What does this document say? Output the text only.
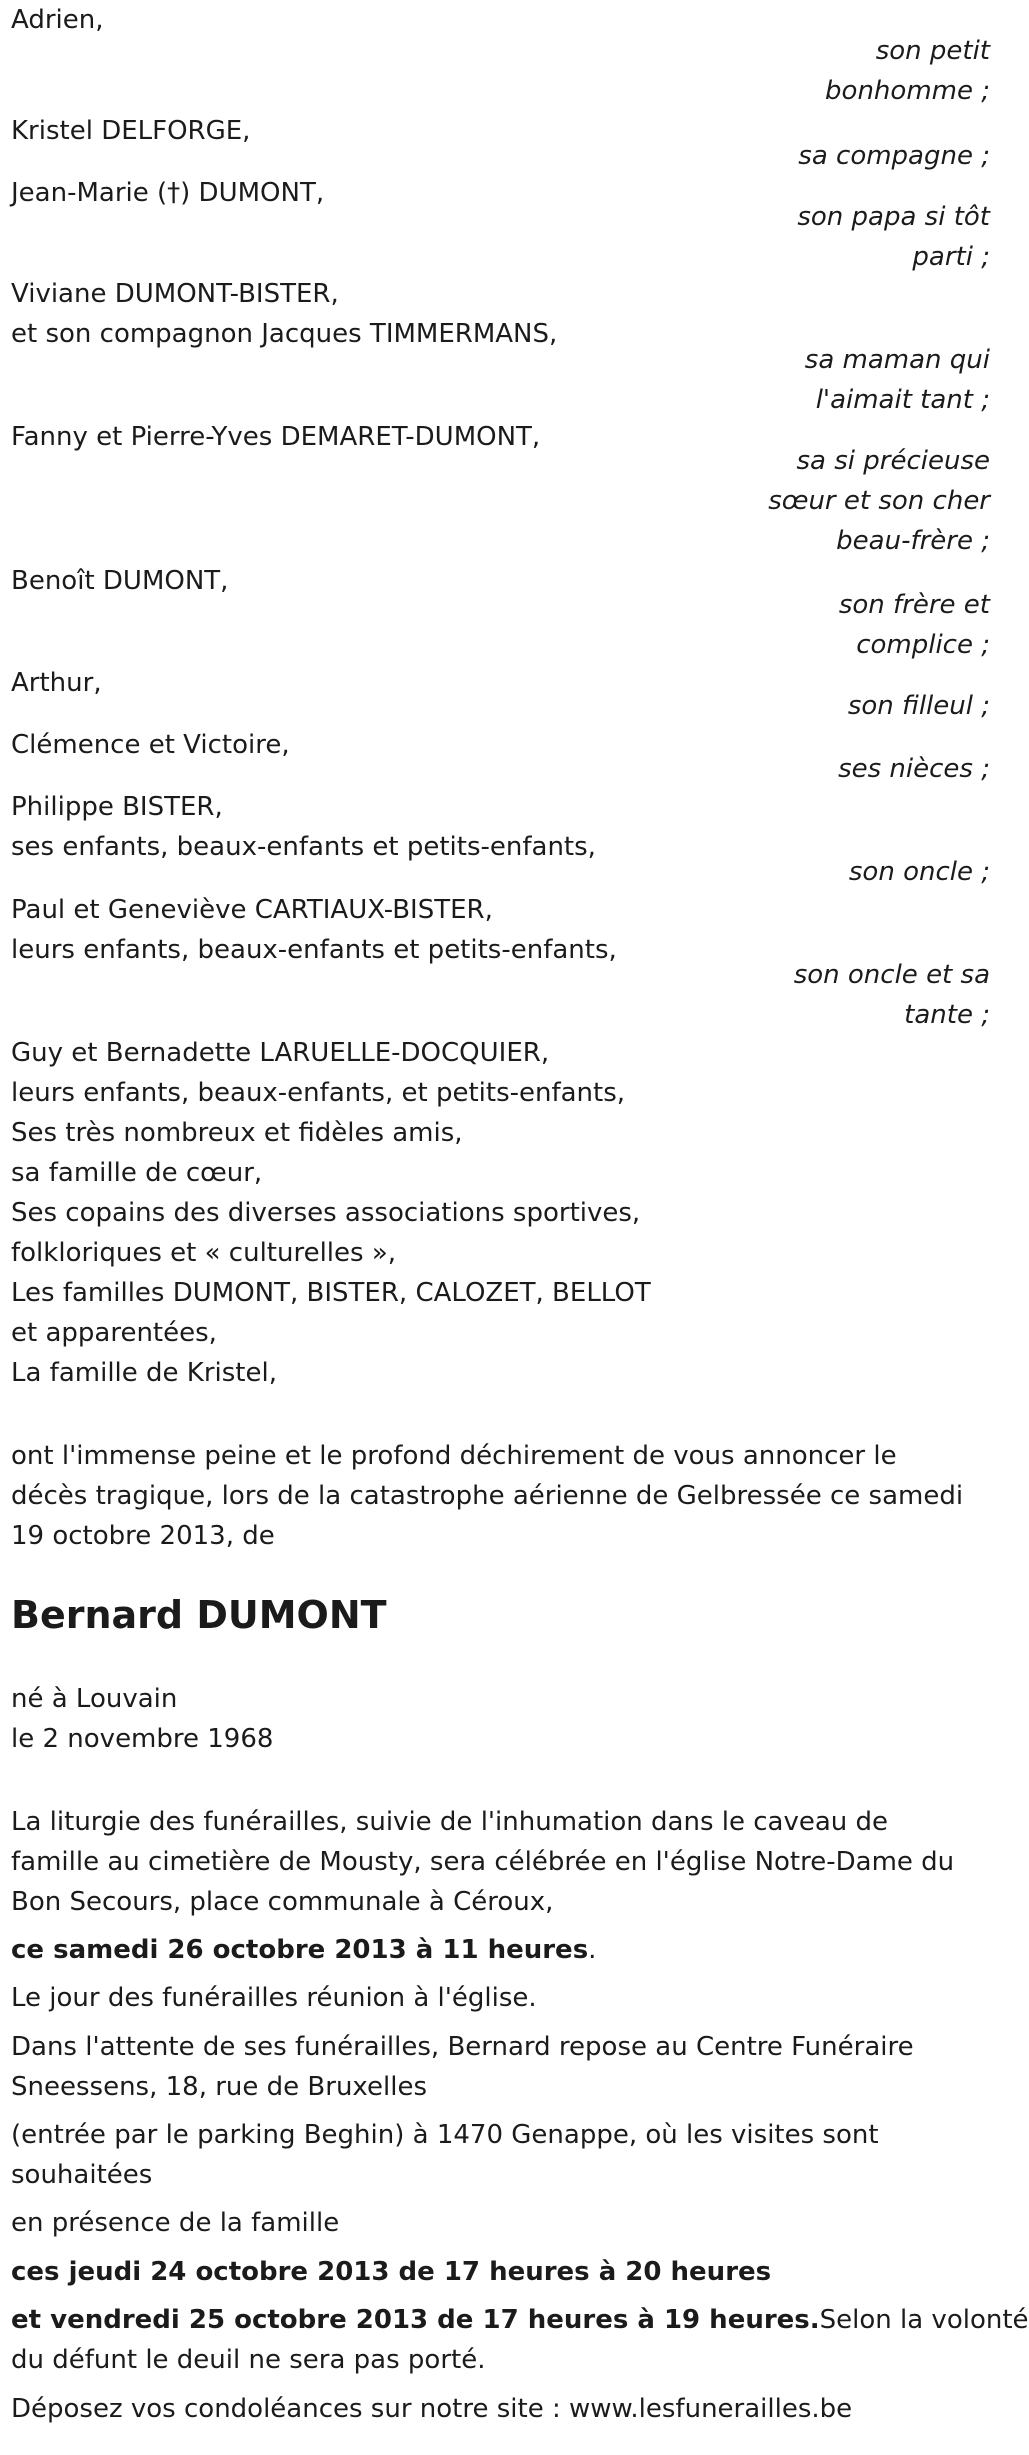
Adrien,
son petit
bonhomme ;
Kristel DELFORGE,
sa compagne ;
Jean-Marie (†) DUMONT,
son papa si tôt
parti ;
Viviane DUMONT-BISTER,
et son compagnon Jacques TIMMERMANS,
sa maman qui
l'aimait tant ;
Fanny et Pierre-Yves DEMARET-DUMONT,
sa si précieuse
sœur et son cher
beau-frère ;
Benoît DUMONT,
son frère et
complice ;
Arthur,
son filleul ;
Clémence et Victoire,
ses nièces ;
Philippe BISTER,
ses enfants, beaux-enfants et petits-enfants,
son oncle ;
Paul et Geneviève CARTIAUX-BISTER,
leurs enfants, beaux-enfants et petits-enfants,
son oncle et sa
tante ;
Guy et Bernadette LARUELLE-DOCQUIER,
leurs enfants, beaux-enfants, et petits-enfants,
Ses très nombreux et fidèles amis,
sa famille de cœur,
Ses copains des diverses associations sportives,
folkloriques et « culturelles »,
Les familles DUMONT, BISTER, CALOZET, BELLOT
et apparentées,
La famille de Kristel,
ont l'immense peine et le profond déchirement de vous annoncer le
décès tragique, lors de la catastrophe aérienne de Gelbressée ce samedi
19 octobre 2013, de
Bernard DUMONT
né à Louvain
le 2 novembre 1968
La liturgie des funérailles, suivie de l'inhumation dans le caveau de
famille au cimetière de Mousty, sera célébrée en l'église Notre-Dame du
Bon Secours, place communale à Céroux,
ce samedi 26 octobre 2013 à 11 heures.
Le jour des funérailles réunion à l'église.
Dans l'attente de ses funérailles, Bernard repose au Centre Funéraire
Sneessens, 18, rue de Bruxelles
(entrée par le parking Beghin) à 1470 Genappe, où les visites sont
souhaitées
en présence de la famille
ces jeudi 24 octobre 2013 de 17 heures à 20 heures
et vendredi 25 octobre 2013 de 17 heures à 19 heures.Selon la volonté
du défunt le deuil ne sera pas porté.
Déposez vos condoléances sur notre site : www.lesfunerailles.be
